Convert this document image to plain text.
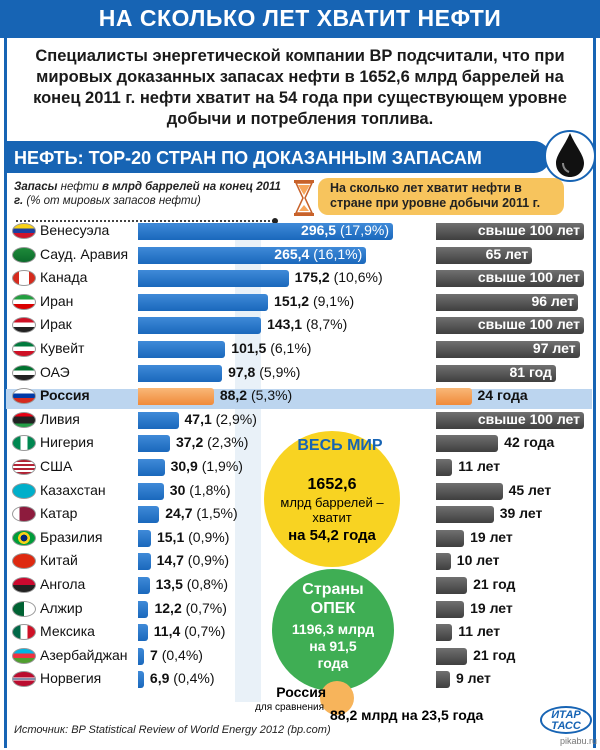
НА СКОЛЬКО ЛЕТ ХВАТИТ НЕФТИ
Специалисты энергетической компании BP подсчитали, что при мировых доказанных запасах нефти в 1652,6 млрд баррелей на конец 2011 г. нефти хватит на 54 года при существующем уровне добычи и потребления топлива.
НЕФТЬ: ТОР-20 СТРАН ПО ДОКАЗАННЫМ ЗАПАСАМ
Запасы нефти в млрд баррелей на конец 2011 г. (% от мировых запасов нефти)
На сколько лет хватит нефти в стране при уровне добычи 2011 г.
Венесуэла	296,5 (17,9%)	свыше 100 лет
Сауд. Аравия	265,4 (16,1%)	65 лет
Канада	175,2 (10,6%)	свыше 100 лет
Иран	151,2 (9,1%)	96 лет
Ирак	143,1 (8,7%)	свыше 100 лет
Кувейт	101,5 (6,1%)	97 лет
ОАЭ	97,8 (5,9%)	81 год
Россия	88,2 (5,3%)	24 года
Ливия	47,1 (2,9%)	свыше 100 лет
Нигерия	37,2 (2,3%)	42 года
США	30,9 (1,9%)	11 лет
Казахстан	30 (1,8%)	45 лет
Катар	24,7 (1,5%)	39 лет
Бразилия	15,1 (0,9%)	19 лет
Китай	14,7 (0,9%)	10 лет
Ангола	13,5 (0,8%)	21 год
Алжир	12,2 (0,7%)	19 лет
Мексика	11,4 (0,7%)	11 лет
Азербайджан 7 (0,4%)	21 год
Норвегия	6,9 (0,4%)	9 лет
ВЕСЬ МИР
1652,6
млрд баррелей –
хватит
на 54,2 года
Страны
ОПЕК
1196,3 млрд
на 91,5
года
Россия
для сравнения 88,2 млрд на 23,5 года
Источник: BP Statistical Review of World Energy 2012 (bp.com)
ИТАР
ТАСС
pikabu.ru
